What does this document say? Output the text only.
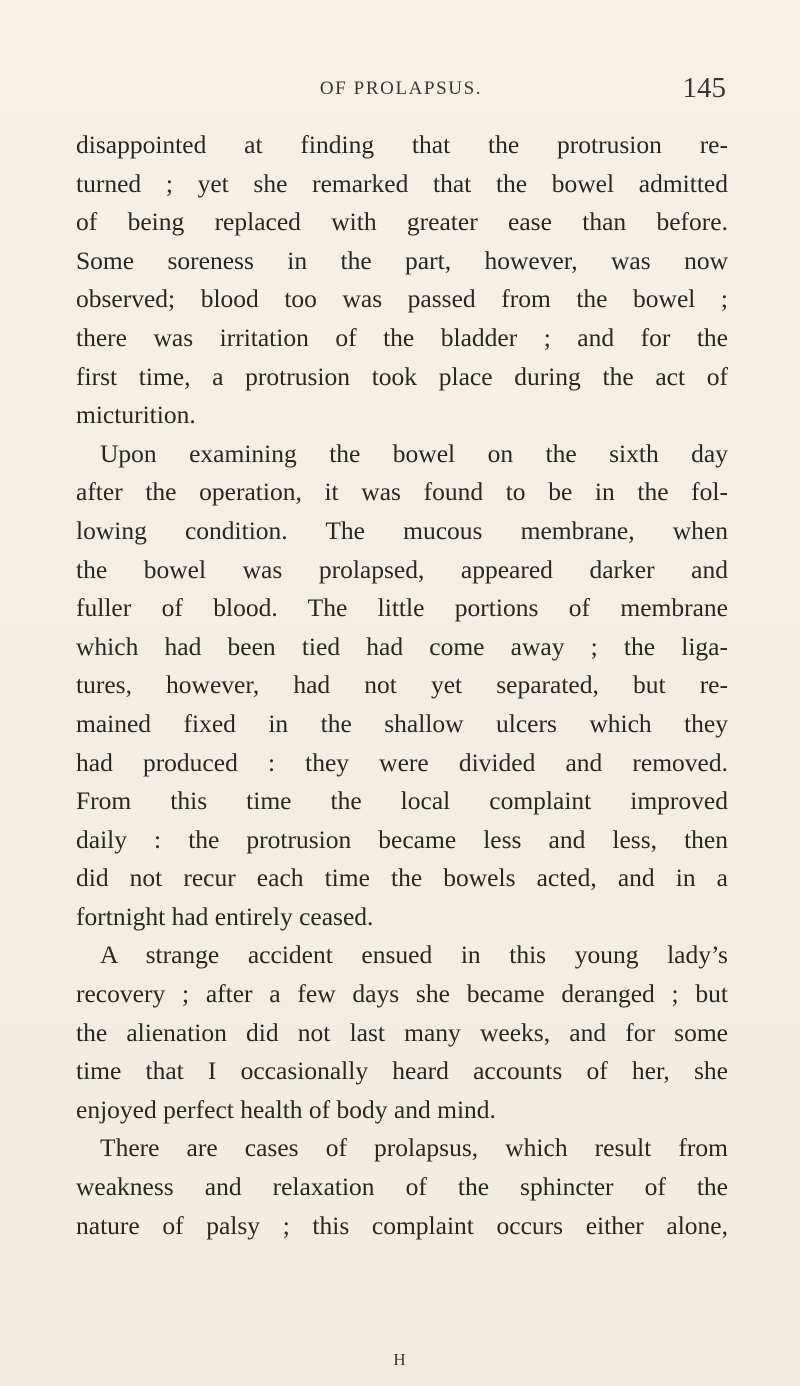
OF PROLAPSUS.	145
disappointed at finding that the protrusion re-
turned ; yet she remarked that the bowel admitted
of being replaced with greater ease than before.
Some soreness in the part, however, was now
observed; blood too was passed from the bowel ;
there was irritation of the bladder ; and for the
first time, a protrusion took place during the act of
micturition.
Upon examining the bowel on the sixth day
after the operation, it was found to be in the fol-
lowing condition. The mucous membrane, when
the bowel was prolapsed, appeared darker and
fuller of blood. The little portions of membrane
which had been tied had come away ; the liga-
tures, however, had not yet separated, but re-
mained fixed in the shallow ulcers which they
had produced : they were divided and removed.
From this time the local complaint improved
daily : the protrusion became less and less, then
did not recur each time the bowels acted, and in a
fortnight had entirely ceased.
A strange accident ensued in this young lady’s
recovery ; after a few days she became deranged ; but
the alienation did not last many weeks, and for some
time that I occasionally heard accounts of her, she
enjoyed perfect health of body and mind.
There are cases of prolapsus, which result from
weakness and relaxation of the sphincter of the
nature of palsy ; this complaint occurs either alone,
H
